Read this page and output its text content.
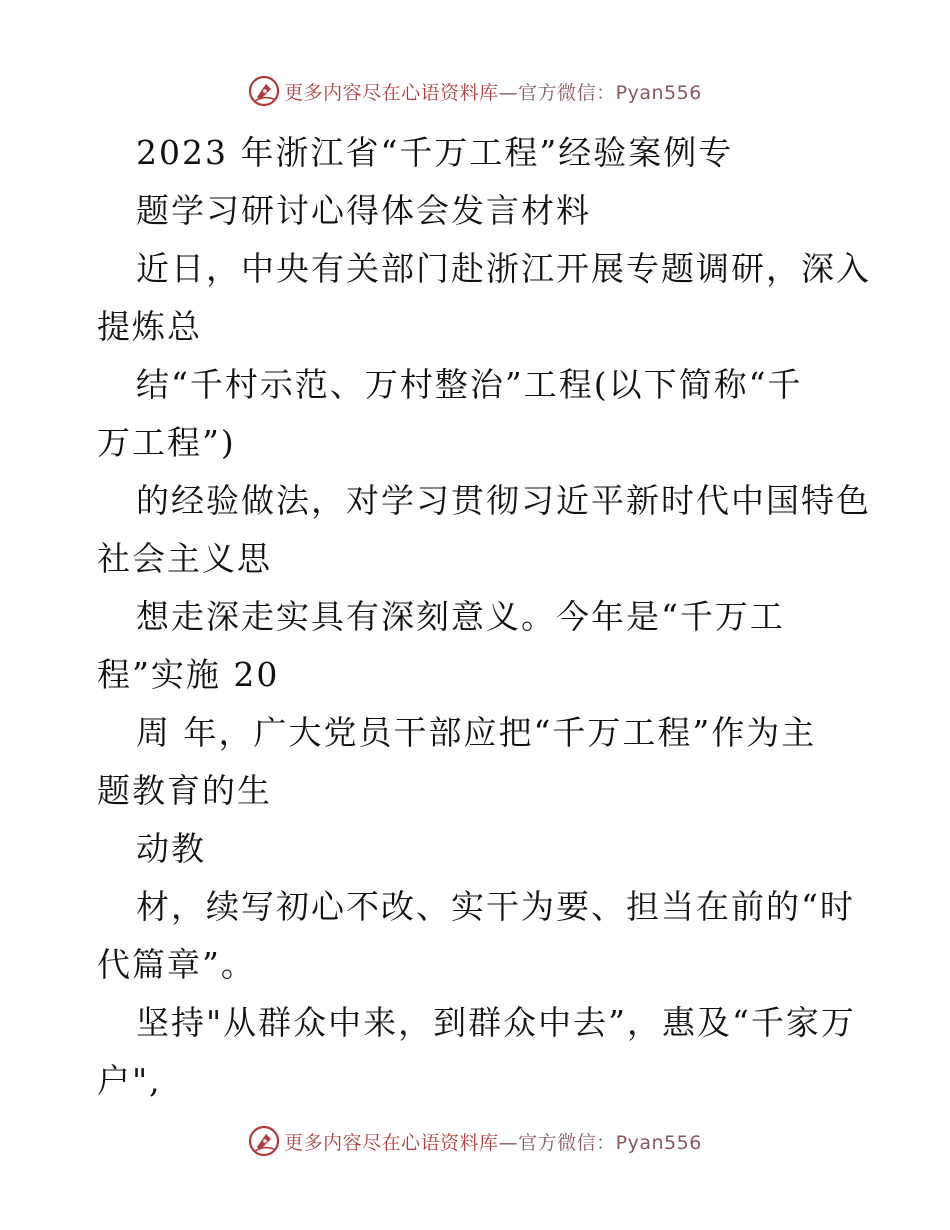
更多内容尽在心语资料库—官方微信：Pyan556
2023 年浙江省“千万工程”经验案例专
题学习研讨心得体会发言材料
近日，中央有关部门赴浙江开展专题调研，深入
提炼总
结“千村示范、万村整治”工程(以下简称“千
万工程”)
的经验做法，对学习贯彻习近平新时代中国特色
社会主义思
想走深走实具有深刻意义。今年是“千万工
程”实施 20
周 年，广大党员干部应把“千万工程”作为主
题教育的生
动教
材，续写初心不改、实干为要、担当在前的“时
代篇章”。
坚持"从群众中来，到群众中去”，惠及“千家万
户",
更多内容尽在心语资料库—官方微信：Pyan556
